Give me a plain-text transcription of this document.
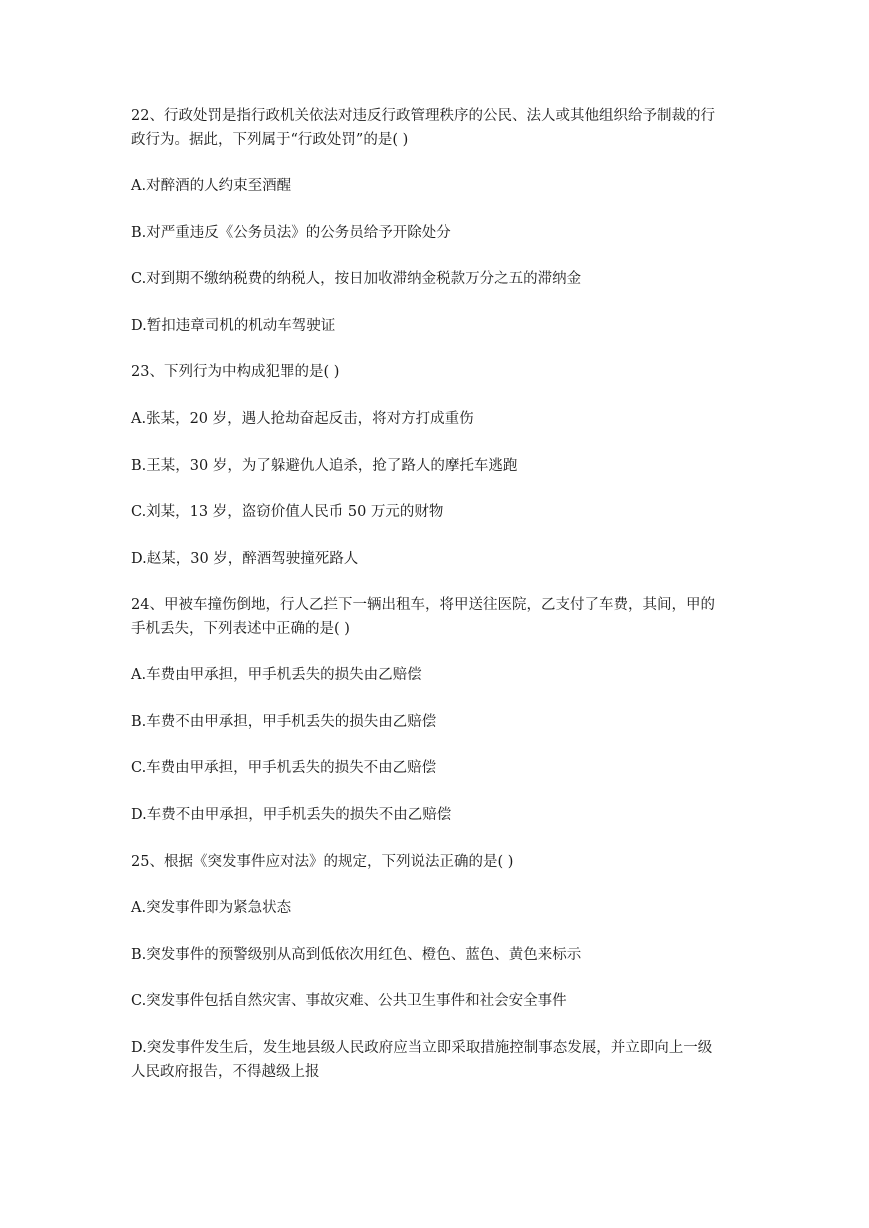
22、行政处罚是指行政机关依法对违反行政管理秩序的公民、法人或其他组织给予制裁的行
政行为。据此，下列属于“行政处罚”的是( )
A.对醉酒的人约束至酒醒
B.对严重违反《公务员法》的公务员给予开除处分
C.对到期不缴纳税费的纳税人，按日加收滞纳金税款万分之五的滞纳金
D.暂扣违章司机的机动车驾驶证
23、下列行为中构成犯罪的是( )
A.张某，20 岁，遇人抢劫奋起反击，将对方打成重伤
B.王某，30 岁，为了躲避仇人追杀，抢了路人的摩托车逃跑
C.刘某，13 岁，盗窃价值人民币 50 万元的财物
D.赵某，30 岁，醉酒驾驶撞死路人
24、甲被车撞伤倒地，行人乙拦下一辆出租车，将甲送往医院，乙支付了车费，其间，甲的
手机丢失，下列表述中正确的是( )
A.车费由甲承担，甲手机丢失的损失由乙赔偿
B.车费不由甲承担，甲手机丢失的损失由乙赔偿
C.车费由甲承担，甲手机丢失的损失不由乙赔偿
D.车费不由甲承担，甲手机丢失的损失不由乙赔偿
25、根据《突发事件应对法》的规定，下列说法正确的是( )
A.突发事件即为紧急状态
B.突发事件的预警级别从高到低依次用红色、橙色、蓝色、黄色来标示
C.突发事件包括自然灾害、事故灾难、公共卫生事件和社会安全事件
D.突发事件发生后，发生地县级人民政府应当立即采取措施控制事态发展，并立即向上一级
人民政府报告，不得越级上报
